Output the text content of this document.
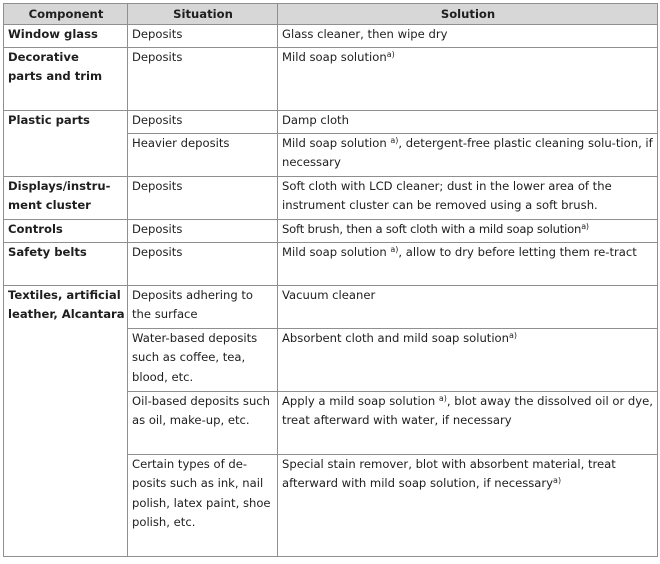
Component	Situation	Solution
Window glass	Deposits	Glass cleaner, then wipe dry
Decorative parts and trim	Deposits	Mild soap solution$^{a)}$
Plastic parts	Deposits	Damp cloth
	Heavier deposits	Mild soap solution $^{a)}$, detergent-free plastic cleaning solu-tion, if necessary
Displays/instru-ment cluster	Deposits	Soft cloth with LCD cleaner; dust in the lower area of the instrument cluster can be removed using a soft brush.
Controls	Deposits	Soft brush, then a soft cloth with a mild soap solution$^{a)}$
Safety belts	Deposits	Mild soap solution $^{a)}$, allow to dry before letting them re-tract
Textiles, artificial leather, Alcantara	Deposits adhering to the surface	Vacuum cleaner
	Water-based deposits such as coffee, tea, blood, etc.	Absorbent cloth and mild soap solution$^{a)}$
	Oil-based deposits such as oil, make-up, etc.	Apply a mild soap solution $^{a)}$, blot away the dissolved oil or dye, treat afterward with water, if necessary
	Certain types of de-posits such as ink, nail polish, latex paint, shoe polish, etc.	Special stain remover, blot with absorbent material, treat afterward with mild soap solution, if necessary$^{a)}$
